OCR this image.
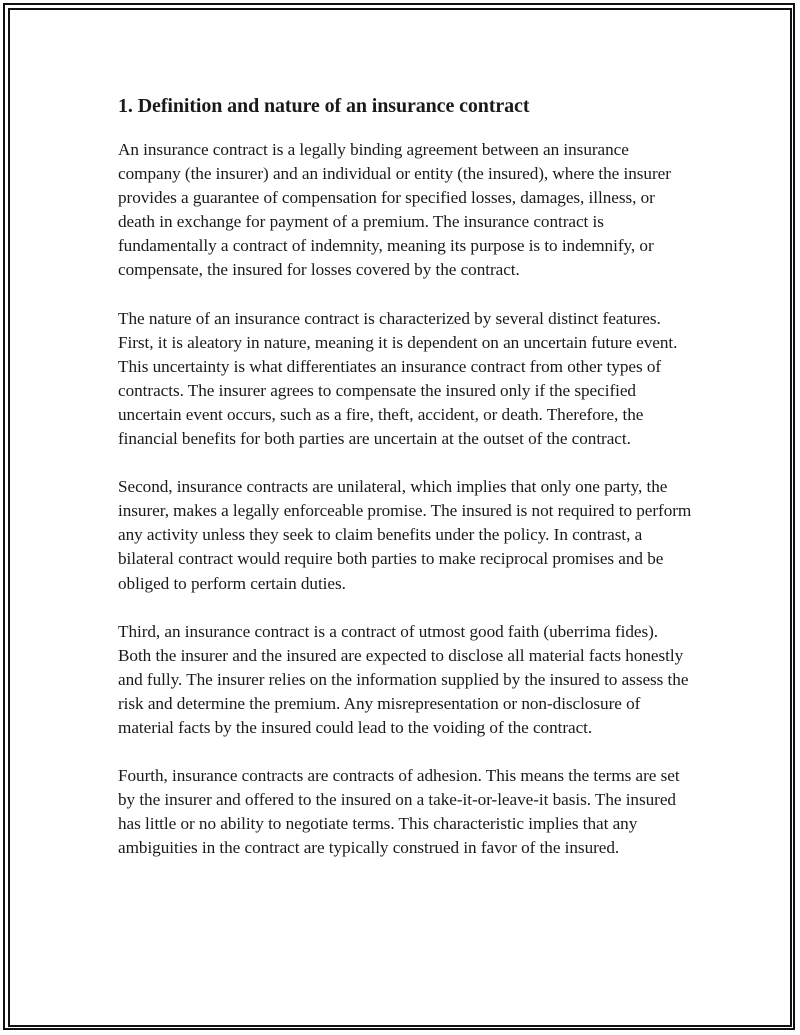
1. Definition and nature of an insurance contract

An insurance contract is a legally binding agreement between an insurance company (the insurer) and an individual or entity (the insured), where the insurer provides a guarantee of compensation for specified losses, damages, illness, or death in exchange for payment of a premium. The insurance contract is fundamentally a contract of indemnity, meaning its purpose is to indemnify, or compensate, the insured for losses covered by the contract.

The nature of an insurance contract is characterized by several distinct features. First, it is aleatory in nature, meaning it is dependent on an uncertain future event. This uncertainty is what differentiates an insurance contract from other types of contracts. The insurer agrees to compensate the insured only if the specified uncertain event occurs, such as a fire, theft, accident, or death. Therefore, the financial benefits for both parties are uncertain at the outset of the contract.

Second, insurance contracts are unilateral, which implies that only one party, the insurer, makes a legally enforceable promise. The insured is not required to perform any activity unless they seek to claim benefits under the policy. In contrast, a bilateral contract would require both parties to make reciprocal promises and be obliged to perform certain duties.

Third, an insurance contract is a contract of utmost good faith (uberrima fides). Both the insurer and the insured are expected to disclose all material facts honestly and fully. The insurer relies on the information supplied by the insured to assess the risk and determine the premium. Any misrepresentation or non-disclosure of material facts by the insured could lead to the voiding of the contract.

Fourth, insurance contracts are contracts of adhesion. This means the terms are set by the insurer and offered to the insured on a take-it-or-leave-it basis. The insured has little or no ability to negotiate terms. This characteristic implies that any ambiguities in the contract are typically construed in favor of the insured.
